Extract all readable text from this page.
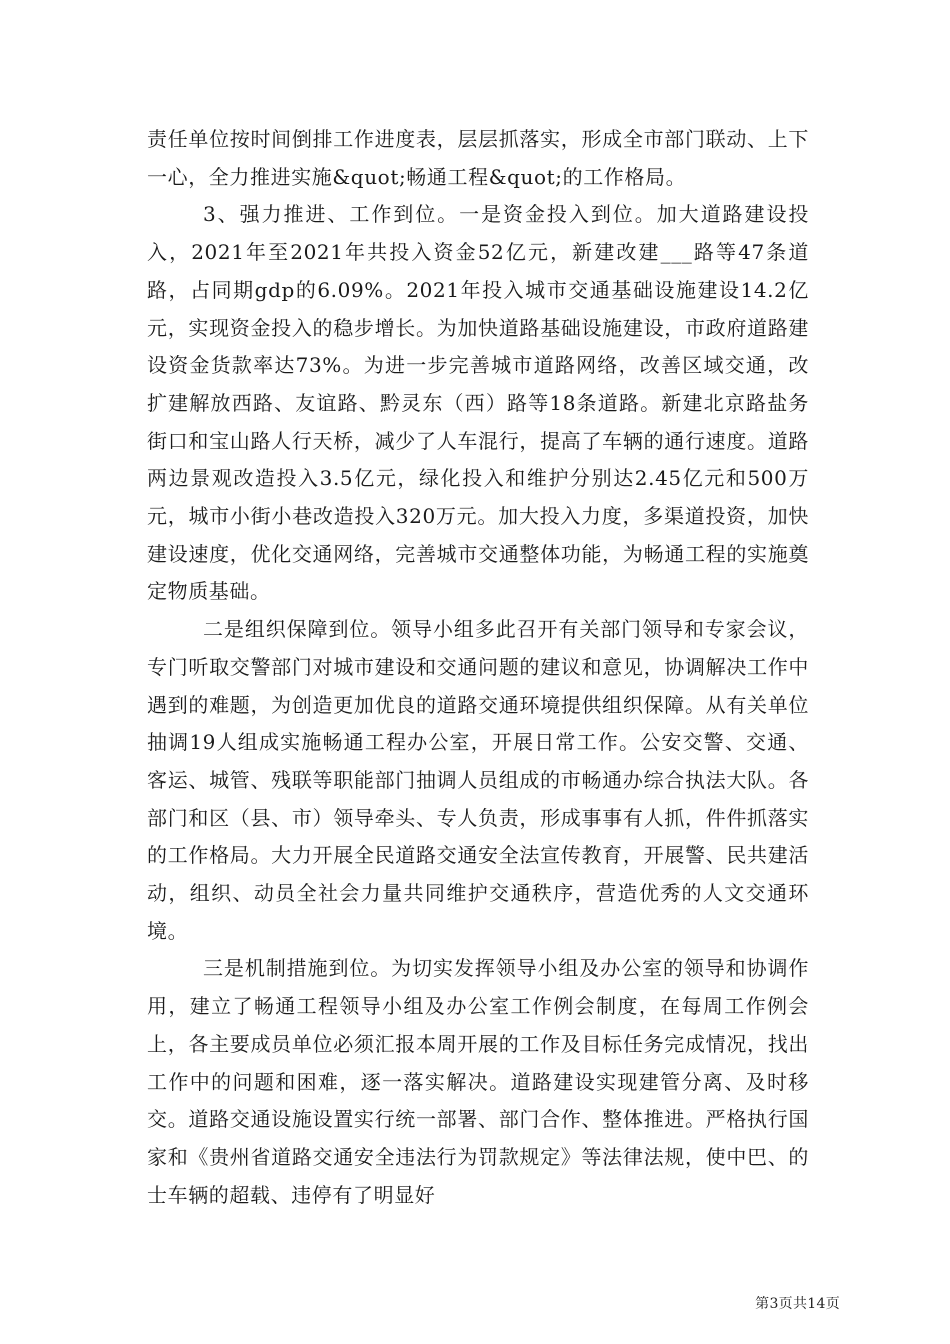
责任单位按时间倒排工作进度表，层层抓落实，形成全市部门联动、上下一心，全力推进实施&quot;畅通工程&quot;的工作格局。

3、强力推进、工作到位。一是资金投入到位。加大道路建设投入，2021年至2021年共投入资金52亿元，新建改建___路等47条道路，占同期gdp的6.09%。2021年投入城市交通基础设施建设14.2亿元，实现资金投入的稳步增长。为加快道路基础设施建设，市政府道路建设资金货款率达73%。为进一步完善城市道路网络，改善区域交通，改扩建解放西路、友谊路、黔灵东（西）路等18条道路。新建北京路盐务街口和宝山路人行天桥，减少了人车混行，提高了车辆的通行速度。道路两边景观改造投入3.5亿元，绿化投入和维护分别达2.45亿元和500万元，城市小街小巷改造投入320万元。加大投入力度，多渠道投资，加快建设速度，优化交通网络，完善城市交通整体功能，为畅通工程的实施奠定物质基础。

二是组织保障到位。领导小组多此召开有关部门领导和专家会议，专门听取交警部门对城市建设和交通问题的建议和意见，协调解决工作中遇到的难题，为创造更加优良的道路交通环境提供组织保障。从有关单位抽调19人组成实施畅通工程办公室，开展日常工作。公安交警、交通、客运、城管、残联等职能部门抽调人员组成的市畅通办综合执法大队。各部门和区（县、市）领导牵头、专人负责，形成事事有人抓，件件抓落实的工作格局。大力开展全民道路交通安全法宣传教育，开展警、民共建活动，组织、动员全社会力量共同维护交通秩序，营造优秀的人文交通环境。

三是机制措施到位。为切实发挥领导小组及办公室的领导和协调作用，建立了畅通工程领导小组及办公室工作例会制度，在每周工作例会上，各主要成员单位必须汇报本周开展的工作及目标任务完成情况，找出工作中的问题和困难，逐一落实解决。道路建设实现建管分离、及时移交。道路交通设施设置实行统一部署、部门合作、整体推进。严格执行国家和《贵州省道路交通安全违法行为罚款规定》等法律法规，使中巴、的士车辆的超载、违停有了明显好

第3页共14页
